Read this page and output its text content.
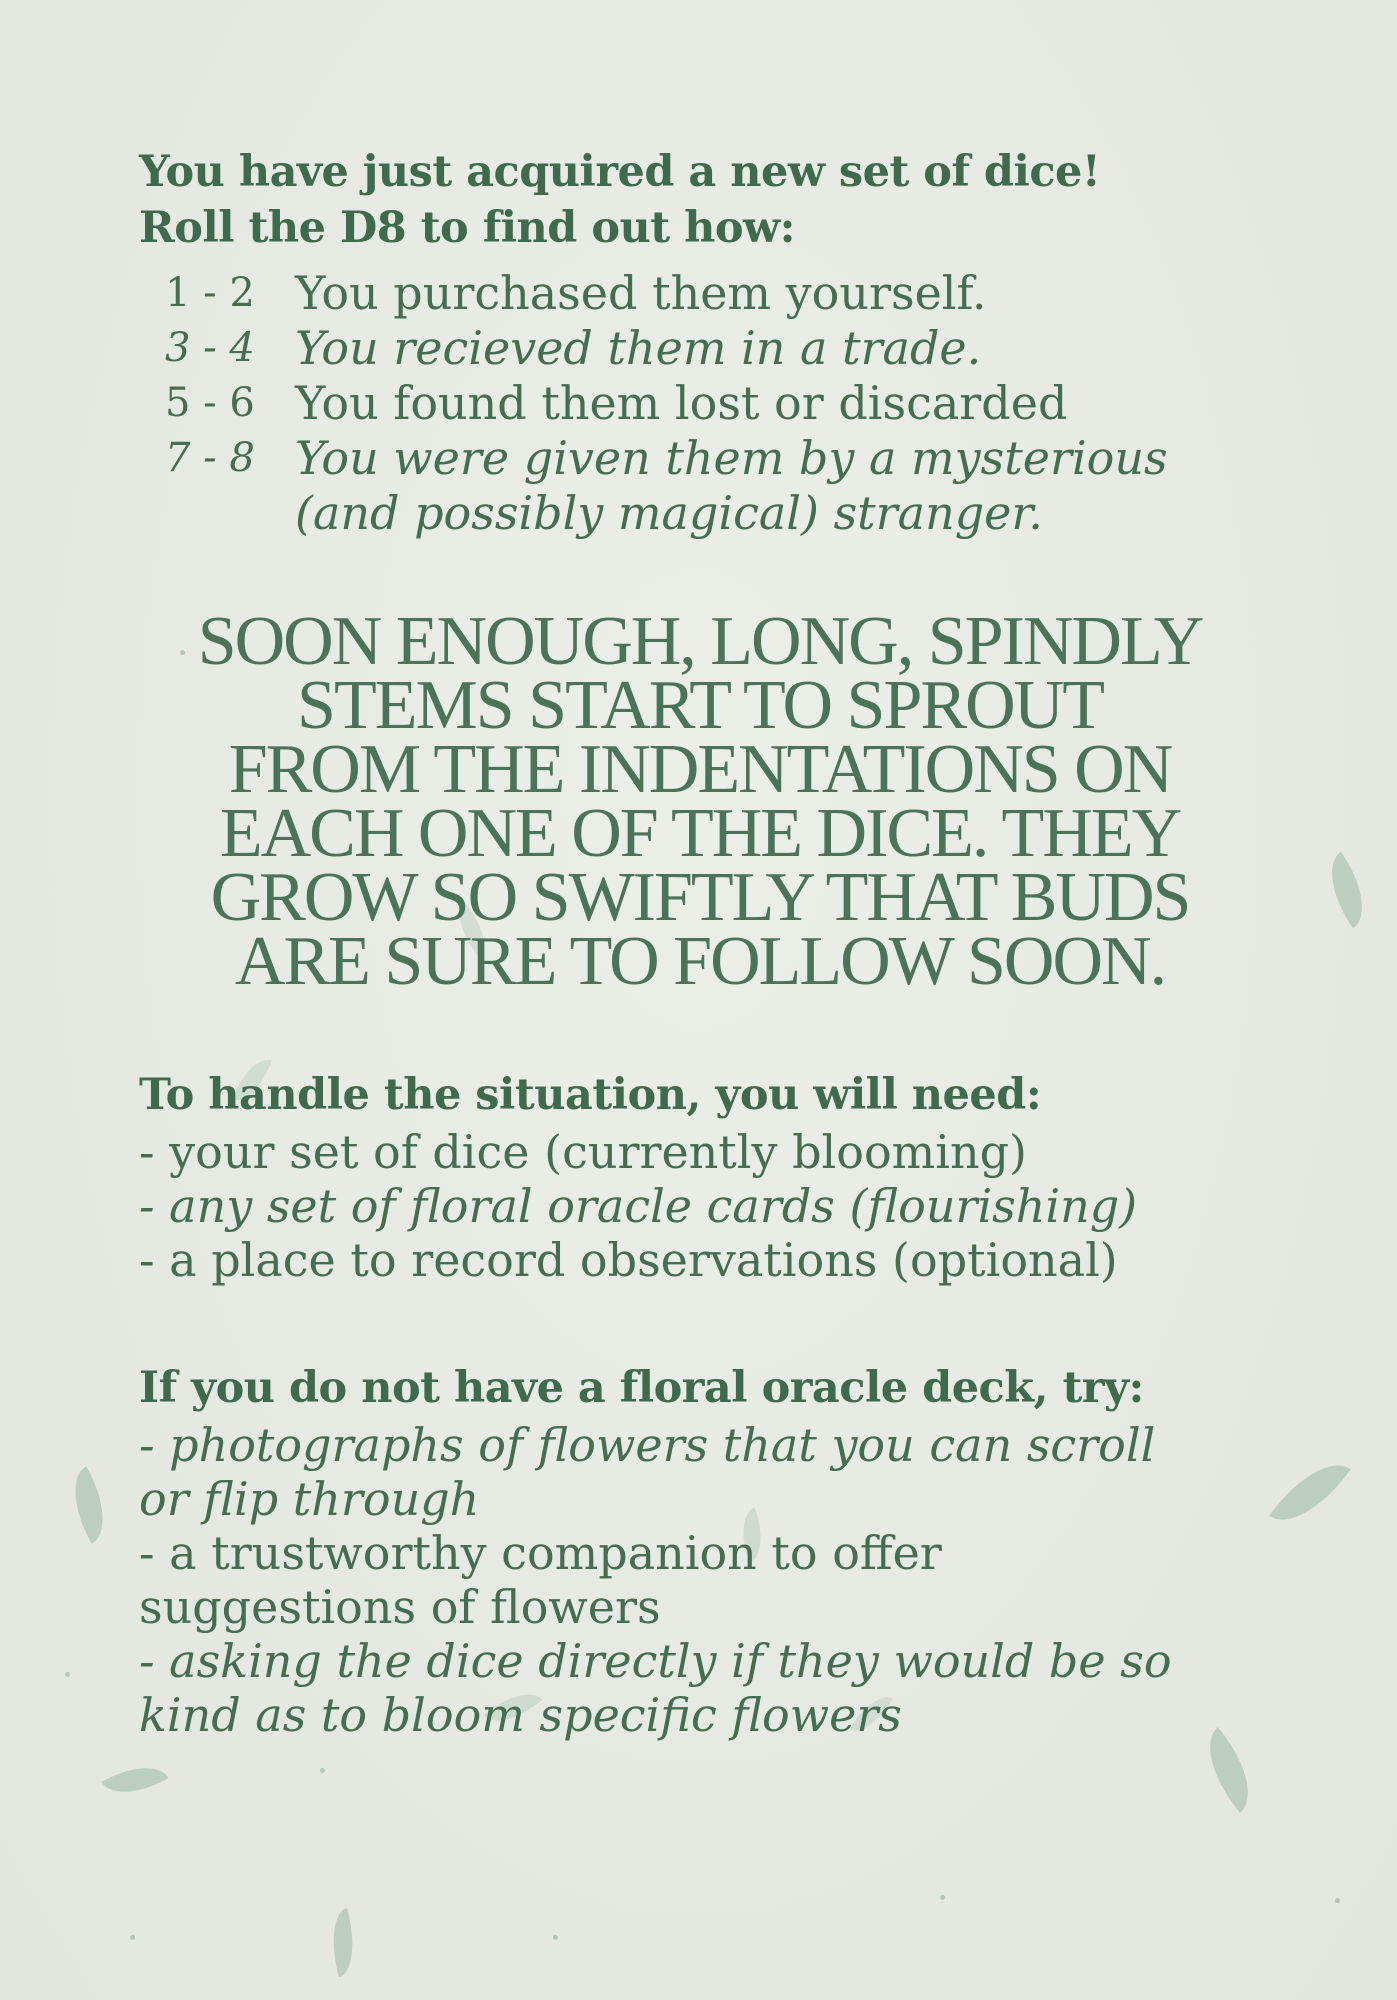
You have just acquired a new set of dice!
Roll the D8 to find out how:
1 - 2 You purchased them yourself.
3 - 4 You recieved them in a trade.
5 - 6 You found them lost or discarded
7 - 8 You were given them by a mysterious
(and possibly magical) stranger.
SOON ENOUGH, LONG, SPINDLY
STEMS START TO SPROUT
FROM THE INDENTATIONS ON
EACH ONE OF THE DICE. THEY
GROW SO SWIFTLY THAT BUDS
ARE SURE TO FOLLOW SOON.
To handle the situation, you will need:
- your set of dice (currently blooming)
- any set of floral oracle cards (flourishing)
- a place to record observations (optional)
If you do not have a floral oracle deck, try:
- photographs of flowers that you can scroll
or flip through
- a trustworthy companion to offer
suggestions of flowers
- asking the dice directly if they would be so
kind as to bloom specific flowers
